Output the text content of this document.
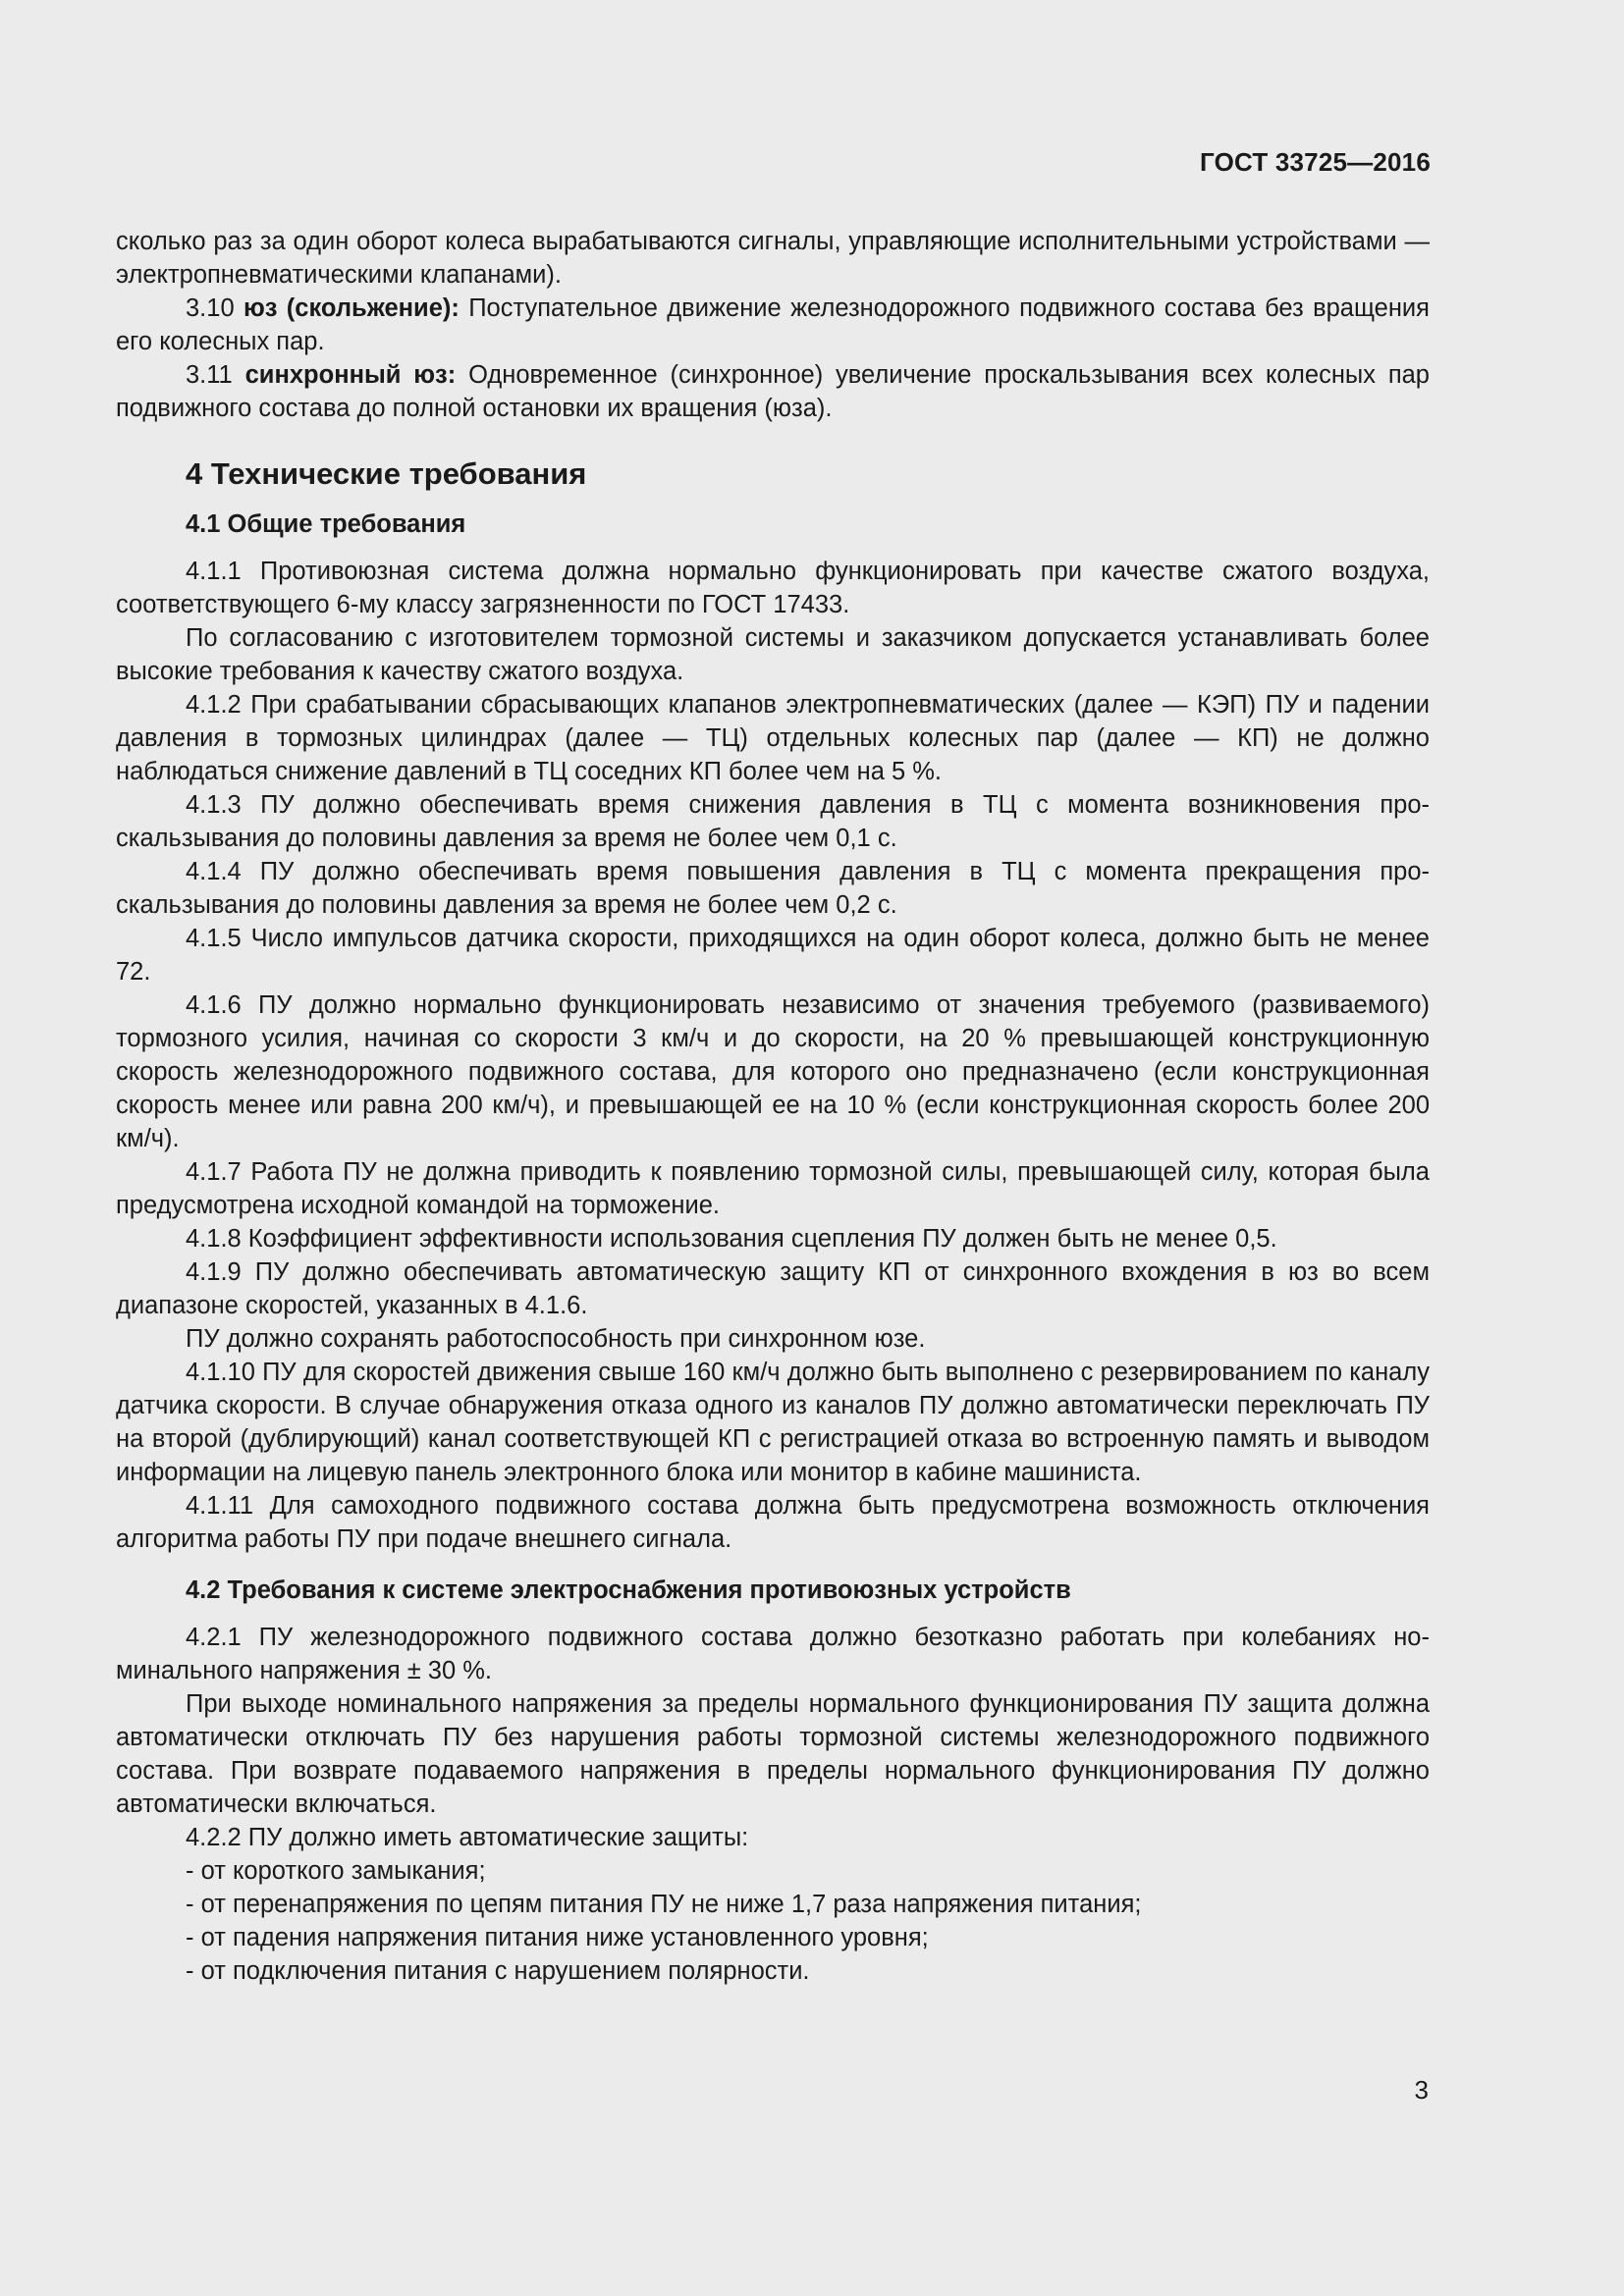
ГОСТ 33725—2016

сколько раз за один оборот колеса вырабатываются сигналы, управляющие исполнительными устройствами — электропневматическими клапанами).

3.10 юз (скольжение): Поступательное движение железнодорожного подвижного состава без вращения его колесных пар.

3.11 синхронный юз: Одновременное (синхронное) увеличение проскальзывания всех колесных пар подвижного состава до полной остановки их вращения (юза).

4 Технические требования
4.1 Общие требования

4.1.1 Противоюзная система должна нормально функционировать при качестве сжатого воздуха, соответствующего 6-му классу загрязненности по ГОСТ 17433.

По согласованию с изготовителем тормозной системы и заказчиком допускается устанавливать более высокие требования к качеству сжатого воздуха.

4.1.2 При срабатывании сбрасывающих клапанов электропневматических (далее — КЭП) ПУ и падении давления в тормозных цилиндрах (далее — ТЦ) отдельных колесных пар (далее — КП) не должно наблюдаться снижение давлений в ТЦ соседних КП более чем на 5 %.

4.1.3 ПУ должно обеспечивать время снижения давления в ТЦ с момента возникновения проскальзывания до половины давления за время не более чем 0,1 с.

4.1.4 ПУ должно обеспечивать время повышения давления в ТЦ с момента прекращения проскальзывания до половины давления за время не более чем 0,2 с.

4.1.5 Число импульсов датчика скорости, приходящихся на один оборот колеса, должно быть не менее 72.

4.1.6 ПУ должно нормально функционировать независимо от значения требуемого (развиваемого) тормозного усилия, начиная со скорости 3 км/ч и до скорости, на 20 % превышающей конструкционную скорость железнодорожного подвижного состава, для которого оно предназначено (если конструкционная скорость менее или равна 200 км/ч), и превышающей ее на 10 % (если конструкционная скорость более 200 км/ч).

4.1.7 Работа ПУ не должна приводить к появлению тормозной силы, превышающей силу, которая была предусмотрена исходной командой на торможение.

4.1.8 Коэффициент эффективности использования сцепления ПУ должен быть не менее 0,5.

4.1.9 ПУ должно обеспечивать автоматическую защиту КП от синхронного вхождения в юз во всем диапазоне скоростей, указанных в 4.1.6.

ПУ должно сохранять работоспособность при синхронном юзе.

4.1.10 ПУ для скоростей движения свыше 160 км/ч должно быть выполнено с резервированием по каналу датчика скорости. В случае обнаружения отказа одного из каналов ПУ должно автоматически переключать ПУ на второй (дублирующий) канал соответствующей КП с регистрацией отказа во встроенную память и выводом информации на лицевую панель электронного блока или монитор в кабине машиниста.

4.1.11 Для самоходного подвижного состава должна быть предусмотрена возможность отключения алгоритма работы ПУ при подаче внешнего сигнала.

4.2 Требования к системе электроснабжения противоюзных устройств

4.2.1 ПУ железнодорожного подвижного состава должно безотказно работать при колебаниях номинального напряжения ± 30 %.

При выходе номинального напряжения за пределы нормального функционирования ПУ защита должна автоматически отключать ПУ без нарушения работы тормозной системы железнодорожного подвижного состава. При возврате подаваемого напряжения в пределы нормального функционирования ПУ должно автоматически включаться.

4.2.2 ПУ должно иметь автоматические защиты:

- от короткого замыкания;

- от перенапряжения по цепям питания ПУ не ниже 1,7 раза напряжения питания;

- от падения напряжения питания ниже установленного уровня;

- от подключения питания с нарушением полярности.

3
